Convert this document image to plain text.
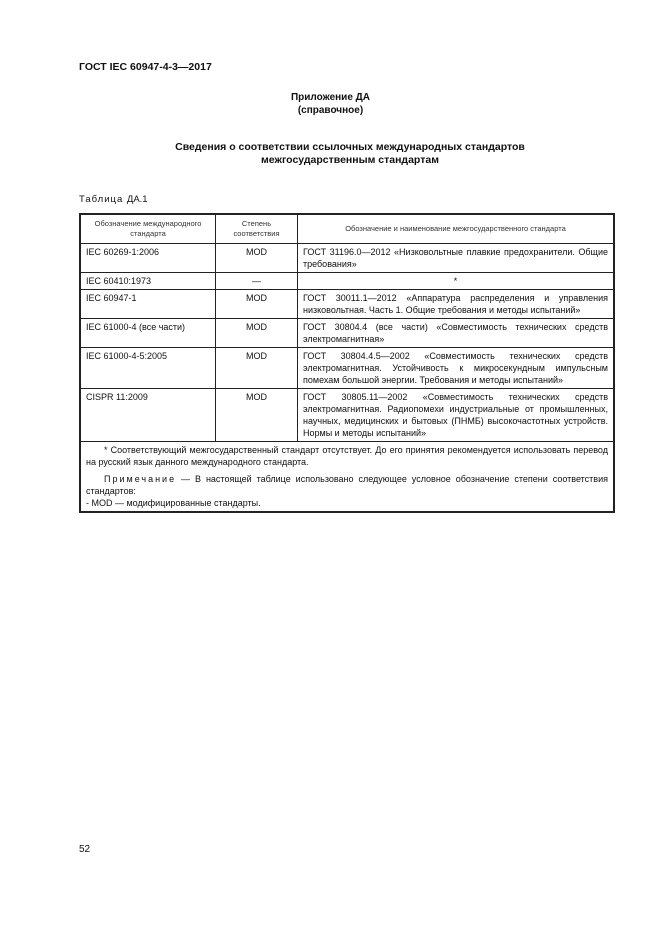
ГОСТ IEC 60947-4-3—2017
Приложение ДА
(справочное)
Сведения о соответствии ссылочных международных стандартов
межгосударственным стандартам
Таблица ДА.1
Обозначение международного стандарта	Степень соответствия	Обозначение и наименование межгосударственного стандарта
IEC 60269-1:2006	MOD	ГОСТ 31196.0—2012 «Низковольтные плавкие предохранители. Общие требования»
IEC 60410:1973	—	*
IEC 60947-1	MOD	ГОСТ 30011.1—2012 «Аппаратура распределения и управления низковольтная. Часть 1. Общие требования и методы испытаний»
IEC 61000-4 (все части)	MOD	ГОСТ 30804.4 (все части) «Совместимость технических средств электромагнитная»
IEC 61000-4-5:2005	MOD	ГОСТ 30804.4.5—2002 «Совместимость технических средств электромагнитная. Устойчивость к микросекундным импульсным помехам большой энергии. Требования и методы испытаний»
CISPR 11:2009	MOD	ГОСТ 30805.11—2002 «Совместимость технических средств электромагнитная. Радиопомехи индустриальные от промышленных, научных, медицинских и бытовых (ПНМБ) высокочастотных устройств. Нормы и методы испытаний»

* Соответствующий межгосударственный стандарт отсутствует. До его принятия рекомендуется использовать перевод на русский язык данного международного стандарта.
Примечание — В настоящей таблице использовано следующее условное обозначение степени соответствия стандартов:
- MOD — модифицированные стандарты.		
52
